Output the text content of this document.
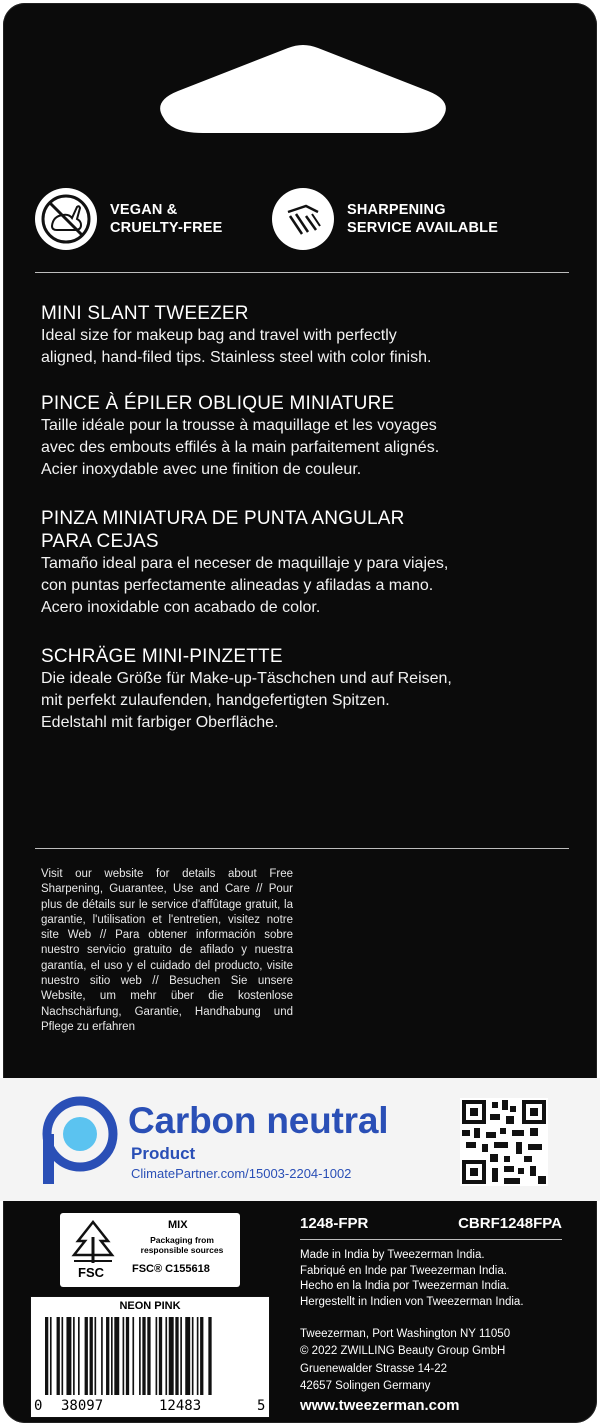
VEGAN &
CRUELTY-FREE
SHARPENING
SERVICE AVAILABLE
MINI SLANT TWEEZER

Ideal size for makeup bag and travel with perfectly

aligned, hand-filed tips. Stainless steel with color finish.

PINCE À ÉPILER OBLIQUE MINIATURE

Taille idéale pour la trousse à maquillage et les voyages

avec des embouts effilés à la main parfaitement alignés.

Acier inoxydable avec une finition de couleur.

PINZA MINIATURA DE PUNTA ANGULAR
PARA CEJAS

Tamaño ideal para el neceser de maquillaje y para viajes,

con puntas perfectamente alineadas y afiladas a mano.

Acero inoxidable con acabado de color.

SCHRÄGE MINI-PINZETTE

Die ideale Größe für Make-up-Täschchen und auf Reisen,

mit perfekt zulaufenden, handgefertigten Spitzen.

Edelstahl mit farbiger Oberfläche.

Visit our website for details about Free Sharpening, Guarantee, Use and Care // Pour plus de détails sur le service d'affûtage gratuit, la garantie, l'utilisation et l'entretien, visitez notre site Web // Para obtener información sobre nuestro servicio gratuito de afilado y nuestra garantía, el uso y el cuidado del producto, visite nuestro sitio web // Besuchen Sie unsere Website, um mehr über die kostenlose Nachschärfung, Garantie, Handhabung und Pflege zu erfahren
Carbon neutral
Product
ClimatePartner.com/15003-2204-1002
FSC
MIX
Packaging from responsible sources
FSC® C155618
NEON PINK
0 38097	12483	5
1248-FPR	CBRF1248FPA
Made in India by Tweezerman India.
Fabriqué en Inde par Tweezerman India.
Hecho en la India por Tweezerman India.
Hergestellt in Indien von Tweezerman India.
Tweezerman, Port Washington NY 11050
© 2022 ZWILLING Beauty Group GmbH
Gruenewalder Strasse 14-22
42657 Solingen Germany
www.tweezerman.com
